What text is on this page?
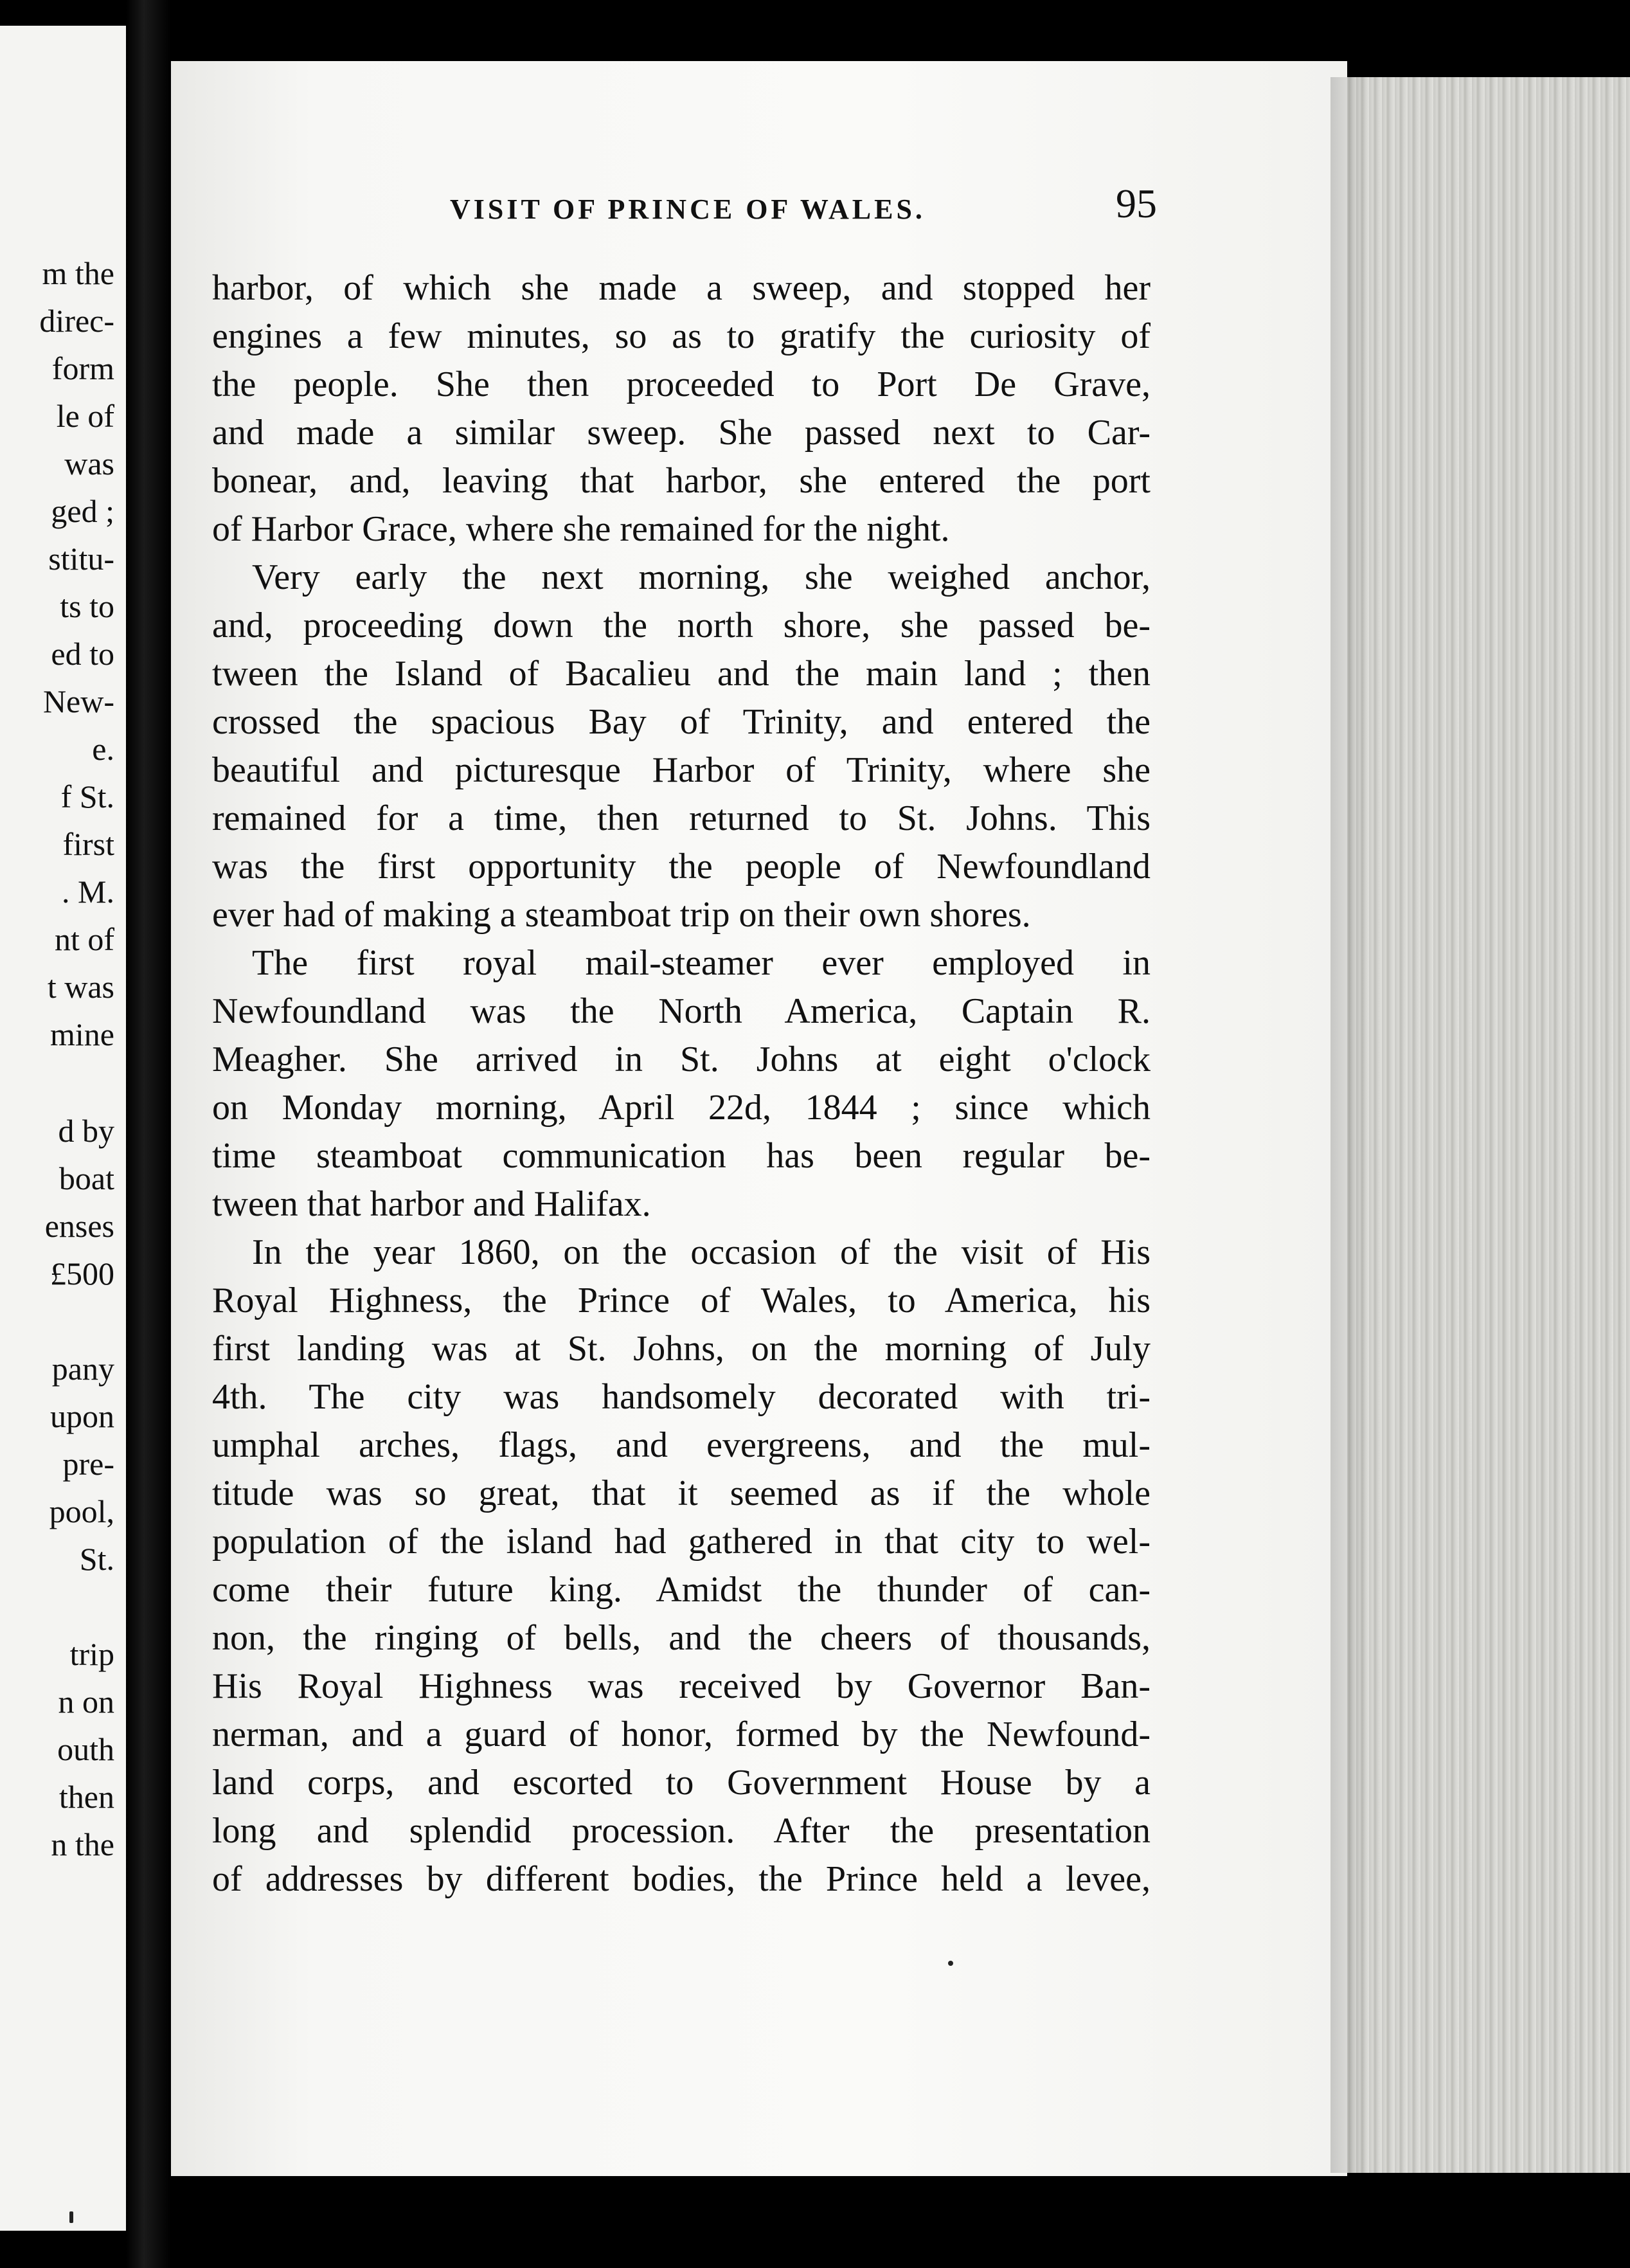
m the
direc-
form
le of
was
ged ;
stitu-
ts to
ed to
New-
e.
f St.
first
. M.
nt of
t was
mine
d by
boat
enses
£500
pany
upon
pre-
pool,
St.
trip
n on
outh
then
n the
VISIT OF PRINCE OF WALES.	95
harbor, of which she made a sweep, and stopped her
engines a few minutes, so as to gratify the curiosity of
the people. She then proceeded to Port De Grave,
and made a similar sweep. She passed next to Car-
bonear, and, leaving that harbor, she entered the port
of Harbor Grace, where she remained for the night.
Very early the next morning, she weighed anchor,
and, proceeding down the north shore, she passed be-
tween the Island of Bacalieu and the main land ; then
crossed the spacious Bay of Trinity, and entered the
beautiful and picturesque Harbor of Trinity, where she
remained for a time, then returned to St. Johns. This
was the first opportunity the people of Newfoundland
ever had of making a steamboat trip on their own shores.
The first royal mail-steamer ever employed in
Newfoundland was the North America, Captain R.
Meagher. She arrived in St. Johns at eight o'clock
on Monday morning, April 22d, 1844 ; since which
time steamboat communication has been regular be-
tween that harbor and Halifax.
In the year 1860, on the occasion of the visit of His
Royal Highness, the Prince of Wales, to America, his
first landing was at St. Johns, on the morning of July
4th. The city was handsomely decorated with tri-
umphal arches, flags, and evergreens, and the mul-
titude was so great, that it seemed as if the whole
population of the island had gathered in that city to wel-
come their future king. Amidst the thunder of can-
non, the ringing of bells, and the cheers of thousands,
His Royal Highness was received by Governor Ban-
nerman, and a guard of honor, formed by the Newfound-
land corps, and escorted to Government House by a
long and splendid procession. After the presentation
of addresses by different bodies, the Prince held a levee,
